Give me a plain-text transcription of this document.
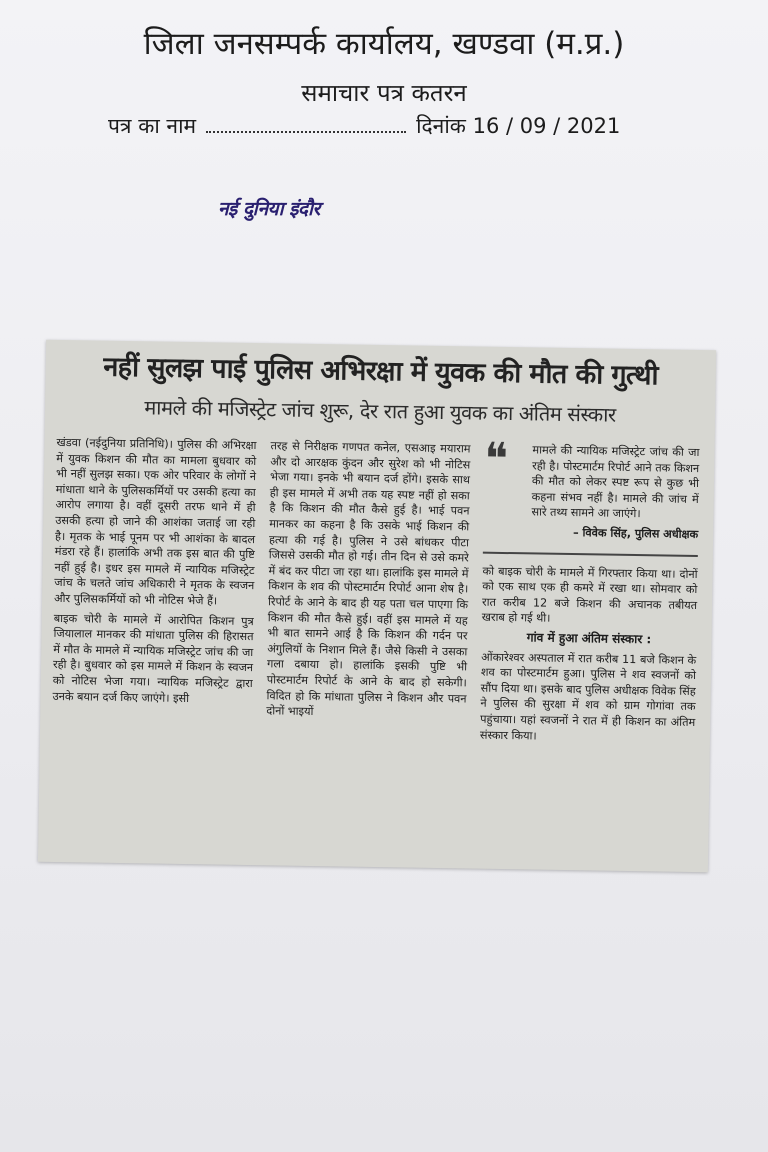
जिला जनसम्पर्क कार्यालय, खण्डवा (म.प्र.)
समाचार पत्र कतरन
पत्र का नाम	दिनांक 16 / 09 / 2021
नई दुनिया इंदौर
नहीं सुलझ पाई पुलिस अभिरक्षा में युवक की मौत की गुत्थी
मामले की मजिस्ट्रेट जांच शुरू, देर रात हुआ युवक का अंतिम संस्कार

खंडवा (नईदुनिया प्रतिनिधि)। पुलिस की अभिरक्षा में युवक किशन की मौत का मामला बुधवार को भी नहीं सुलझ सका। एक ओर परिवार के लोगों ने मांधाता थाने के पुलिसकर्मियों पर उसकी हत्या का आरोप लगाया है। वहीं दूसरी तरफ थाने में ही उसकी हत्या हो जाने की आशंका जताई जा रही है। मृतक के भाई पूनम पर भी आशंका के बादल मंडरा रहे हैं। हालांकि अभी तक इस बात की पुष्टि नहीं हुई है। इधर इस मामले में न्यायिक मजिस्ट्रेट जांच के चलते जांच अधिकारी ने मृतक के स्वजन और पुलिसकर्मियों को भी नोटिस भेजे हैं।

बाइक चोरी के मामले में आरोपित किशन पुत्र जियालाल मानकर की मांधाता पुलिस की हिरासत में मौत के मामले में न्यायिक मजिस्ट्रेट जांच की जा रही है। बुधवार को इस मामले में किशन के स्वजन को नोटिस भेजा गया। न्यायिक मजिस्ट्रेट द्वारा उनके बयान दर्ज किए जाएंगे। इसी

तरह से निरीक्षक गणपत कनेल, एसआइ मयाराम और दो आरक्षक कुंदन और सुरेश को भी नोटिस भेजा गया। इनके भी बयान दर्ज होंगे। इसके साथ ही इस मामले में अभी तक यह स्पष्ट नहीं हो सका है कि किशन की मौत कैसे हुई है। भाई पवन मानकर का कहना है कि उसके भाई किशन की हत्या की गई है। पुलिस ने उसे बांधकर पीटा जिससे उसकी मौत हो गई। तीन दिन से उसे कमरे में बंद कर पीटा जा रहा था। हालांकि इस मामले में किशन के शव की पोस्टमार्टम रिपोर्ट आना शेष है। रिपोर्ट के आने के बाद ही यह पता चल पाएगा कि किशन की मौत कैसे हुई। वहीं इस मामले में यह भी बात सामने आई है कि किशन की गर्दन पर अंगुलियों के निशान मिले हैं। जैसे किसी ने उसका गला दबाया हो। हालांकि इसकी पुष्टि भी पोस्टमार्टम रिपोर्ट के आने के बाद हो सकेगी। विदित हो कि मांधाता पुलिस ने किशन और पवन दोनों भाइयों

❝	मामले की न्यायिक मजिस्ट्रेट जांच की जा रही है। पोस्टमार्टम रिपोर्ट आने तक किशन की मौत को लेकर स्पष्ट रूप से कुछ भी कहना संभव नहीं है। मामले की जांच में सारे तथ्य सामने आ जाएंगे।

– विवेक सिंह, पुलिस अधीक्षक

को बाइक चोरी के मामले में गिरफ्तार किया था। दोनों को एक साथ एक ही कमरे में रखा था। सोमवार को रात करीब 12 बजे किशन की अचानक तबीयत खराब हो गई थी।

गांव में हुआ अंतिम संस्कार :

ओंकारेश्वर अस्पताल में रात करीब 11 बजे किशन के शव का पोस्टमार्टम हुआ। पुलिस ने शव स्वजनों को सौंप दिया था। इसके बाद पुलिस अधीक्षक विवेक सिंह ने पुलिस की सुरक्षा में शव को ग्राम गोगांवा तक पहुंचाया। यहां स्वजनों ने रात में ही किशन का अंतिम संस्कार किया।
